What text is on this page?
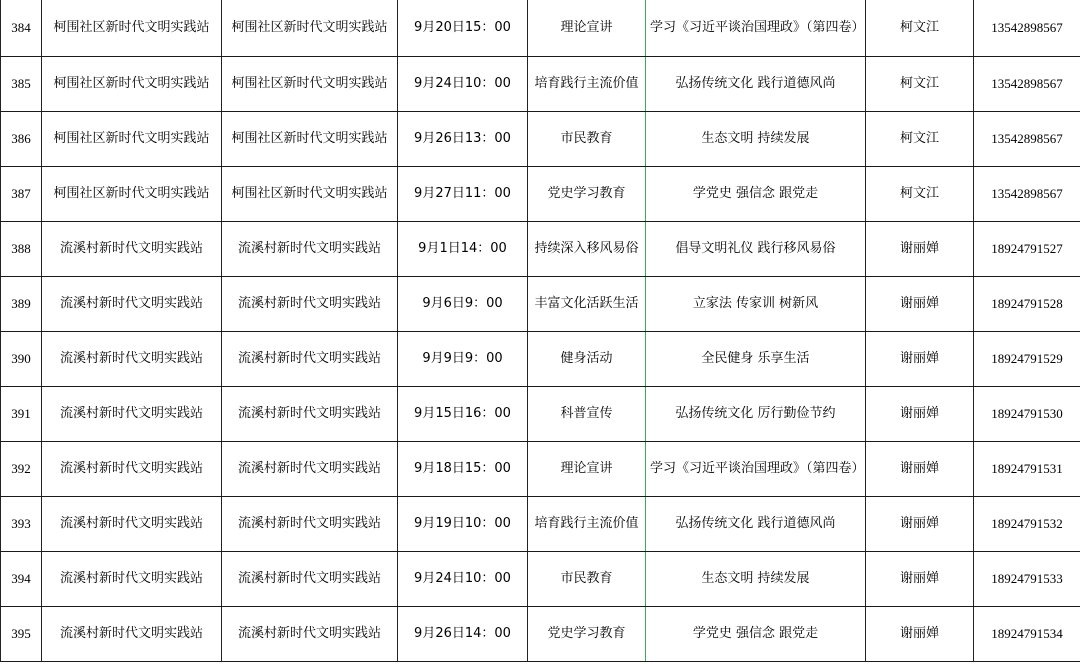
384	柯围社区新时代文明实践站	柯围社区新时代文明实践站	9月20日15：00	理论宣讲	学习《习近平谈治国理政》（第四卷）	柯文江	13542898567
385	柯围社区新时代文明实践站	柯围社区新时代文明实践站	9月24日10：00	培育践行主流价值	弘扬传统文化 践行道德风尚	柯文江	13542898567
386	柯围社区新时代文明实践站	柯围社区新时代文明实践站	9月26日13：00	市民教育	生态文明 持续发展	柯文江	13542898567
387	柯围社区新时代文明实践站	柯围社区新时代文明实践站	9月27日11：00	党史学习教育	学党史 强信念 跟党走	柯文江	13542898567
388	流溪村新时代文明实践站	流溪村新时代文明实践站	9月1日14：00	持续深入移风易俗	倡导文明礼仪 践行移风易俗	谢丽婵	18924791527
389	流溪村新时代文明实践站	流溪村新时代文明实践站	9月6日9：00	丰富文化活跃生活	立家法 传家训 树新风	谢丽婵	18924791528
390	流溪村新时代文明实践站	流溪村新时代文明实践站	9月9日9：00	健身活动	全民健身 乐享生活	谢丽婵	18924791529
391	流溪村新时代文明实践站	流溪村新时代文明实践站	9月15日16：00	科普宣传	弘扬传统文化 厉行勤俭节约	谢丽婵	18924791530
392	流溪村新时代文明实践站	流溪村新时代文明实践站	9月18日15：00	理论宣讲	学习《习近平谈治国理政》（第四卷）	谢丽婵	18924791531
393	流溪村新时代文明实践站	流溪村新时代文明实践站	9月19日10：00	培育践行主流价值	弘扬传统文化 践行道德风尚	谢丽婵	18924791532
394	流溪村新时代文明实践站	流溪村新时代文明实践站	9月24日10：00	市民教育	生态文明 持续发展	谢丽婵	18924791533
395	流溪村新时代文明实践站	流溪村新时代文明实践站	9月26日14：00	党史学习教育	学党史 强信念 跟党走	谢丽婵	18924791534
